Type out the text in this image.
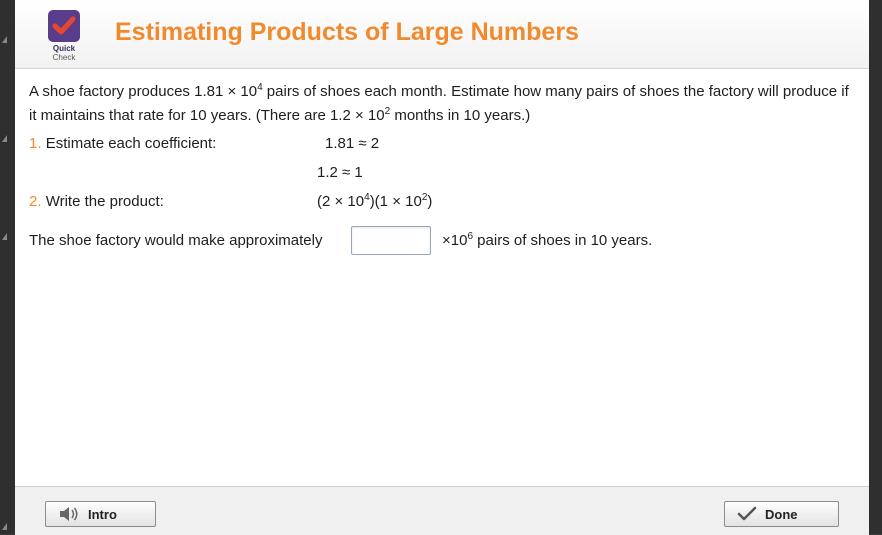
Quick
Check
Estimating Products of Large Numbers
A shoe factory produces $1.81 \times 10^4$ pairs of shoes each month. Estimate how many pairs of shoes the factory will produce if it maintains that rate for 10 years. (There are $1.2 \times 10^2$ months in 10 years.)
1. Estimate each coefficient:	1.81 ≈ 2
1.2 ≈ 1
2. Write the product:	$(2 \times 10^4)(1 \times 10^2)$
The shoe factory would make approximately	$\times 10^6$ pairs of shoes in 10 years.
Intro	Done
